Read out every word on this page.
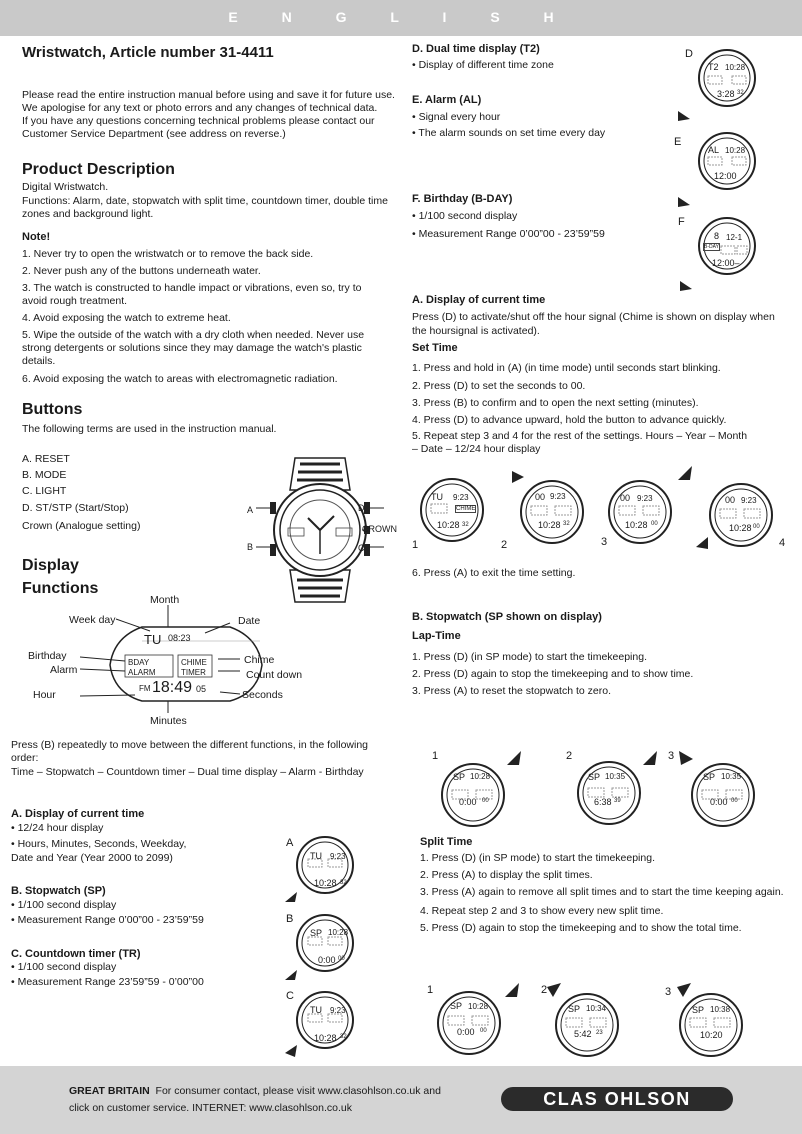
E N G L I S H
Wristwatch, Article number 31-4411
Please read the entire instruction manual before using and save it for future use.
We apologise for any text or photo errors and any changes of technical data.
If you have any questions concerning technical problems please contact our
Customer Service Department (see address on reverse.)
Product Description
Digital Wristwatch.
Functions: Alarm, date, stopwatch with split time, countdown timer, double time
zones and background light.
Note!
1. Never try to open the wristwatch or to remove the back side.
2. Never push any of the buttons underneath water.
3. The watch is constructed to handle impact or vibrations, even so, try to
avoid rough treatment.
4. Avoid exposing the watch to extreme heat.
5. Wipe the outside of the watch with a dry cloth when needed. Never use
strong detergents or solutions since they may damage the watch's plastic
details.
6. Avoid exposing the watch to areas with electromagnetic radiation.
Buttons
The following terms are used in the instruction manual.
A. RESET
B. MODE
C. LIGHT
D. ST/STP (Start/Stop)
Crown (Analogue setting)
A
B
D
CROWN
C
Display
Functions
Month
Week day	Date
Birthday
Alarm
Chime
Count down
Hour	Seconds
Minutes
TU 08:23
BDAY
ALARM
CHIME
TIMER
FM 18:49 05
Press (B) repeatedly to move between the different functions, in the following
order:
Time – Stopwatch – Countdown timer – Dual time display – Alarm - Birthday
A. Display of current time
• 12/24 hour display
• Hours, Minutes, Seconds, Weekday,
Date and Year (Year 2000 to 2099)
B. Stopwatch (SP)
• 1/100 second display
• Measurement Range 0’00”00 - 23’59”59
C. Countdown timer (TR)
• 1/100 second display
• Measurement Range 23’59”59 - 0’00”00
A
TU 9:23
10:28 32
B
SP 10:28
0:00 00
C
TU 9:23
10:28 32
D. Dual time display (T2)
• Display of different time zone
E. Alarm (AL)
• Signal every hour
• The alarm sounds on set time every day
F. Birthday (B-DAY)
• 1/100 second display
• Measurement Range 0’00”00 - 23’59”59
D
T2 10:28
3:28 32
E
AL 10:28
12:00
F
8 12-1
B-DAY
12:00–
A. Display of current time
Press (D) to activate/shut off the hour signal (Chime is shown on display when
the hoursignal is activated).
Set Time
1. Press and hold in (A) (in time mode) until seconds start blinking.
2. Press (D) to set the seconds to 00.
3. Press (B) to confirm and to open the next setting (minutes).
4. Press (D) to advance upward, hold the button to advance quickly.
5. Repeat step 3 and 4 for the rest of the settings. Hours – Year – Month
– Date – 12/24 hour display
1
TU 9:23
CHIME
10:28 32
2
00 9:23
10:28 32
3
00 9:23
10:28 00
4
00 9:23
10:28 00
6. Press (A) to exit the time setting.
B. Stopwatch (SP shown on display)
Lap-Time
1. Press (D) (in SP mode) to start the timekeeping.
2. Press (D) again to stop the timekeeping and to show time.
3. Press (A) to reset the stopwatch to zero.
1
SP 10:28
0:00 00
2
SP 10:35
6:38 39
3
SP 10:35
0:00 00
Split Time
1. Press (D) (in SP mode) to start the timekeeping.
2. Press (A) to display the split times.
3. Press (A) again to remove all split times and to start the time keeping again.
4. Repeat step 2 and 3 to show every new split time.
5. Press (D) again to stop the timekeeping and to show the total time.
1
SP 10:28
0:00 00
2
SP 10:34
5:42 23
3
SP 10:38
10:20
GREAT BRITAIN For consumer contact, please visit www.clasohlson.co.uk and
click on customer service. INTERNET: www.clasohlson.co.uk	CLAS OHLSON
